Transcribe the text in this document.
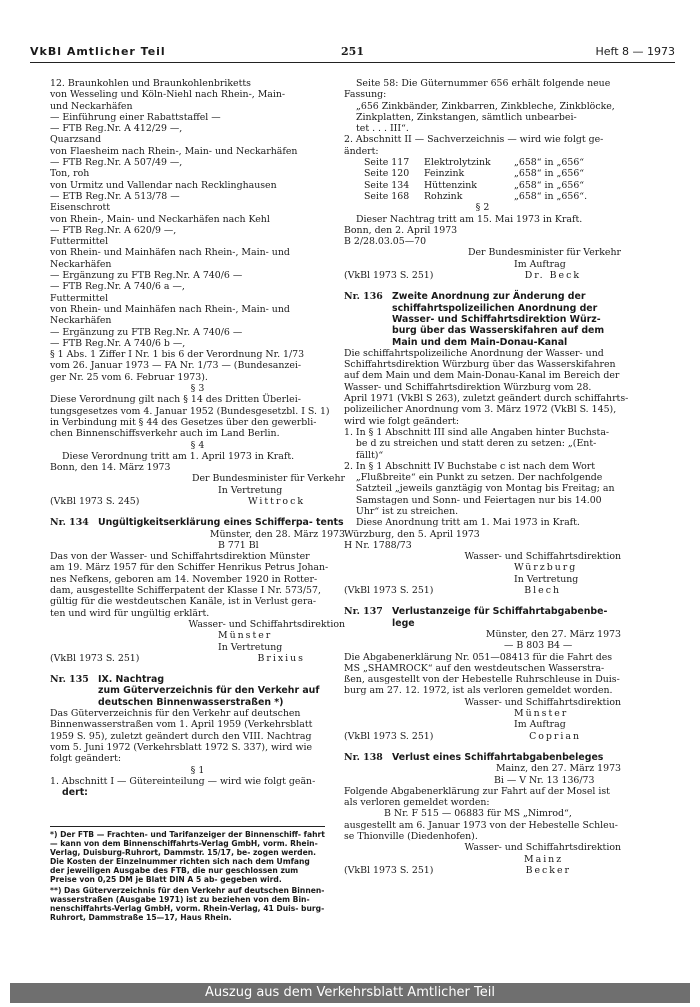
VkBl Amtlicher Teil	251	Heft 8 — 1973
12. Braunkohlen und Braunkohlenbriketts
von Wesseling und Köln-Niehl nach Rhein-, Main-
und Neckarhäfen
— Einführung einer Rabattstaffel —
— FTB Reg.Nr. A 412/29 —,
Quarzsand
von Flaesheim nach Rhein-, Main- und Neckarhäfen
— FTB Reg.Nr. A 507/49 —,
Ton, roh
von Urmitz und Vallendar nach Recklinghausen
— ETB Reg.Nr. A 513/78 —
Eisenschrott
von Rhein-, Main- und Neckarhäfen nach Kehl
— FTB Reg.Nr. A 620/9 —,
Futtermittel
von Rhein- und Mainhäfen nach Rhein-, Main- und
Neckarhäfen
— Ergänzung zu FTB Reg.Nr. A 740/6 —
— FTB Reg.Nr. A 740/6 a —,
Futtermittel
von Rhein- und Mainhäfen nach Rhein-, Main- und
Neckarhäfen
— Ergänzung zu FTB Reg.Nr. A 740/6 —
— FTB Reg.Nr. A 740/6 b —,
§ 1 Abs. 1 Ziffer I Nr. 1 bis 6 der Verordnung Nr. 1/73
vom 26. Januar 1973 — FA Nr. 1/73 — (Bundesanzei-
ger Nr. 25 vom 6. Februar 1973).
§ 3
Diese Verordnung gilt nach § 14 des Dritten Überlei-
tungsgesetzes vom 4. Januar 1952 (Bundesgesetzbl. I S. 1)
in Verbindung mit § 44 des Gesetzes über den gewerbli-
chen Binnenschiffsverkehr auch im Land Berlin.
§ 4
Diese Verordnung tritt am 1. April 1973 in Kraft.
Bonn, den 14. März 1973
Der Bundesminister für Verkehr
In Vertretung
(VkBl 1973 S. 245)	Wittrock
Nr. 134 Ungültigkeitserklärung eines Schifferpa- tents
Münster, den 28. März 1973
B 771 Bl
Das von der Wasser- und Schiffahrtsdirektion Münster
am 19. März 1957 für den Schiffer Henrikus Petrus Johan-
nes Nefkens, geboren am 14. November 1920 in Rotter-
dam, ausgestellte Schifferpatent der Klasse I Nr. 573/57,
gültig für die westdeutschen Kanäle, ist in Verlust gera-
ten und wird für ungültig erklärt.
Wasser- und Schiffahrtsdirektion
Münster
In Vertretung
(VkBl 1973 S. 251)	Brixius
Nr. 135 IX. Nachtrag
zum Güterverzeichnis für den Verkehr auf
deutschen Binnenwasserstraßen *)
Das Güterverzeichnis für den Verkehr auf deutschen
Binnenwasserstraßen vom 1. April 1959 (Verkehrsblatt
1959 S. 95), zuletzt geändert durch den VIII. Nachtrag
vom 5. Juni 1972 (Verkehrsblatt 1972 S. 337), wird wie
folgt geändert:
§ 1
1. Abschnitt I — Gütereinteilung — wird wie folgt geän-
dert:

*) Der FTB — Frachten- und Tarifanzeiger der Binnenschiff- fahrt — kann von dem Binnenschiffahrts-Verlag GmbH, vorm. Rhein-Verlag, Duisburg-Ruhrort, Dammstr. 15/17, be- zogen werden. Die Kosten der Einzelnummer richten sich nach dem Umfang der jeweiligen Ausgabe des FTB, die nur geschlossen zum Preise von 0,25 DM je Blatt DIN A 5 ab- gegeben wird.

**) Das Güterverzeichnis für den Verkehr auf deutschen Binnen- wasserstraßen (Ausgabe 1971) ist zu beziehen von dem Bin- nenschiffahrts-Verlag GmbH, vorm. Rhein-Verlag, 41 Duis- burg-Ruhrort, Dammstraße 15—17, Haus Rhein.

Seite 58: Die Güternummer 656 erhält folgende neue
Fassung:
„656 Zinkbänder, Zinkbarren, Zinkbleche, Zinkblöcke,
Zinkplatten, Zinkstangen, sämtlich unbearbei-
tet . . . III“.
2. Abschnitt II — Sachverzeichnis — wird wie folgt ge-
ändert:
Seite 117	Elektrolytzink	„658“ in „656“
Seite 120	Feinzink	„658“ in „656“
Seite 134	Hüttenzink	„658“ in „656“
Seite 168	Rohzink	„658“ in „656“.
§ 2
Dieser Nachtrag tritt am 15. Mai 1973 in Kraft.
Bonn, den 2. April 1973
B 2/28.03.05—70
Der Bundesminister für Verkehr
Im Auftrag
(VkBl 1973 S. 251)	Dr. Beck
Nr. 136 Zweite Anordnung zur Änderung der
schiffahrtspolizeilichen Anordnung der
Wasser- und Schiffahrtsdirektion Würz-
burg über das Wasserskifahren auf dem
Main und dem Main-Donau-Kanal
Die schiffahrtspolizeiliche Anordnung der Wasser- und
Schiffahrtsdirektion Würzburg über das Wasserskifahren
auf dem Main und dem Main-Donau-Kanal im Bereich der
Wasser- und Schiffahrtsdirektion Würzburg vom 28.
April 1971 (VkBl S 263), zuletzt geändert durch schiffahrts-
polizeilicher Anordnung vom 3. März 1972 (VkBl S. 145),
wird wie folgt geändert:
1. In § 1 Abschnitt III sind alle Angaben hinter Buchsta-
be d zu streichen und statt deren zu setzen: „(Ent-
fällt)“
2. In § 1 Abschnitt IV Buchstabe c ist nach dem Wort
„Flußbreite“ ein Punkt zu setzen. Der nachfolgende
Satzteil „jeweils ganztägig von Montag bis Freitag; an
Samstagen und Sonn- und Feiertagen nur bis 14.00
Uhr“ ist zu streichen.
Diese Anordnung tritt am 1. Mai 1973 in Kraft.
Würzburg, den 5. April 1973
H Nr. 1788/73
Wasser- und Schiffahrtsdirektion
Würzburg
In Vertretung
(VkBl 1973 S. 251)	Blech
Nr. 137 Verlustanzeige für Schiffahrtabgabenbe- lege
Münster, den 27. März 1973
— B 803 B4 —
Die Abgabenerklärung Nr. 051—08413 für die Fahrt des
MS „SHAMROCK“ auf den westdeutschen Wasserstra-
ßen, ausgestellt von der Hebestelle Ruhrschleuse in Duis-
burg am 27. 12. 1972, ist als verloren gemeldet worden.
Wasser- und Schiffahrtsdirektion
Münster
Im Auftrag
(VkBl 1973 S. 251)	Coprian
Nr. 138 Verlust eines Schiffahrtabgabenbeleges
Mainz, den 27. März 1973
Bi — V Nr. 13 136/73
Folgende Abgabenerklärung zur Fahrt auf der Mosel ist
als verloren gemeldet worden:
B Nr. F 515 — 06883 für MS „Nimrod“,
ausgestellt am 6. Januar 1973 von der Hebestelle Schleu-
se Thionville (Diedenhofen).
Wasser- und Schiffahrtsdirektion
Mainz
(VkBl 1973 S. 251)	Becker
Auszug aus dem Verkehrsblatt Amtlicher Teil
